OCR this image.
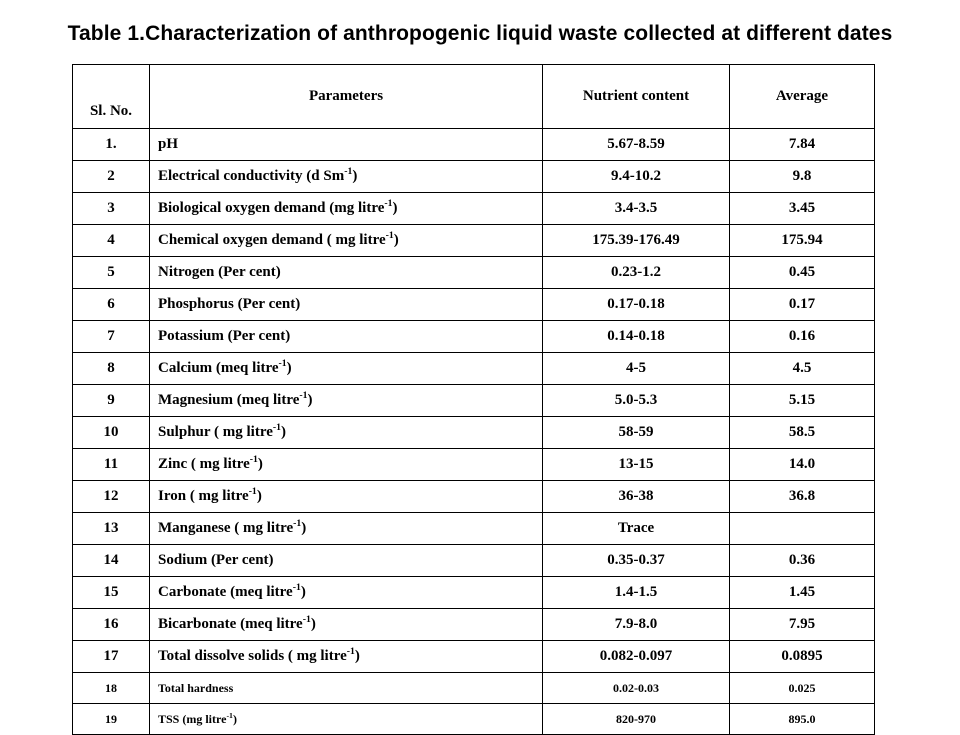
Table 1.Characterization of anthropogenic liquid waste collected at different dates
Sl. No.	Parameters	Nutrient content	Average
1.	pH	5.67-8.59	7.84
2	Electrical conductivity (d $Sm^{-1}$)	9.4-10.2	9.8
3	Biological oxygen demand (mg litre$^{-1}$)	3.4-3.5	3.45
4	Chemical oxygen demand ( mg litre$^{-1}$)	175.39-176.49	175.94
5	Nitrogen (Per cent)	0.23-1.2	0.45
6	Phosphorus (Per cent)	0.17-0.18	0.17
7	Potassium (Per cent)	0.14-0.18	0.16
8	Calcium (meq litre$^{-1}$)	4-5	4.5
9	Magnesium (meq litre$^{-1}$)	5.0-5.3	5.15
10	Sulphur ( mg litre$^{-1}$)	58-59	58.5
11	Zinc ( mg litre$^{-1}$)	13-15	14.0
12	Iron ( mg litre$^{-1}$)	36-38	36.8
13	Manganese ( mg litre$^{-1}$)	Trace	
14	Sodium (Per cent)	0.35-0.37	0.36
15	Carbonate (meq litre$^{-1}$)	1.4-1.5	1.45
16	Bicarbonate (meq litre$^{-1}$)	7.9-8.0	7.95
17	Total dissolve solids ( mg litre$^{-1}$)	0.082-0.097	0.0895
18	Total hardness	0.02-0.03	0.025
19	TSS (mg litre$^{-1}$)	820-970	895.0
